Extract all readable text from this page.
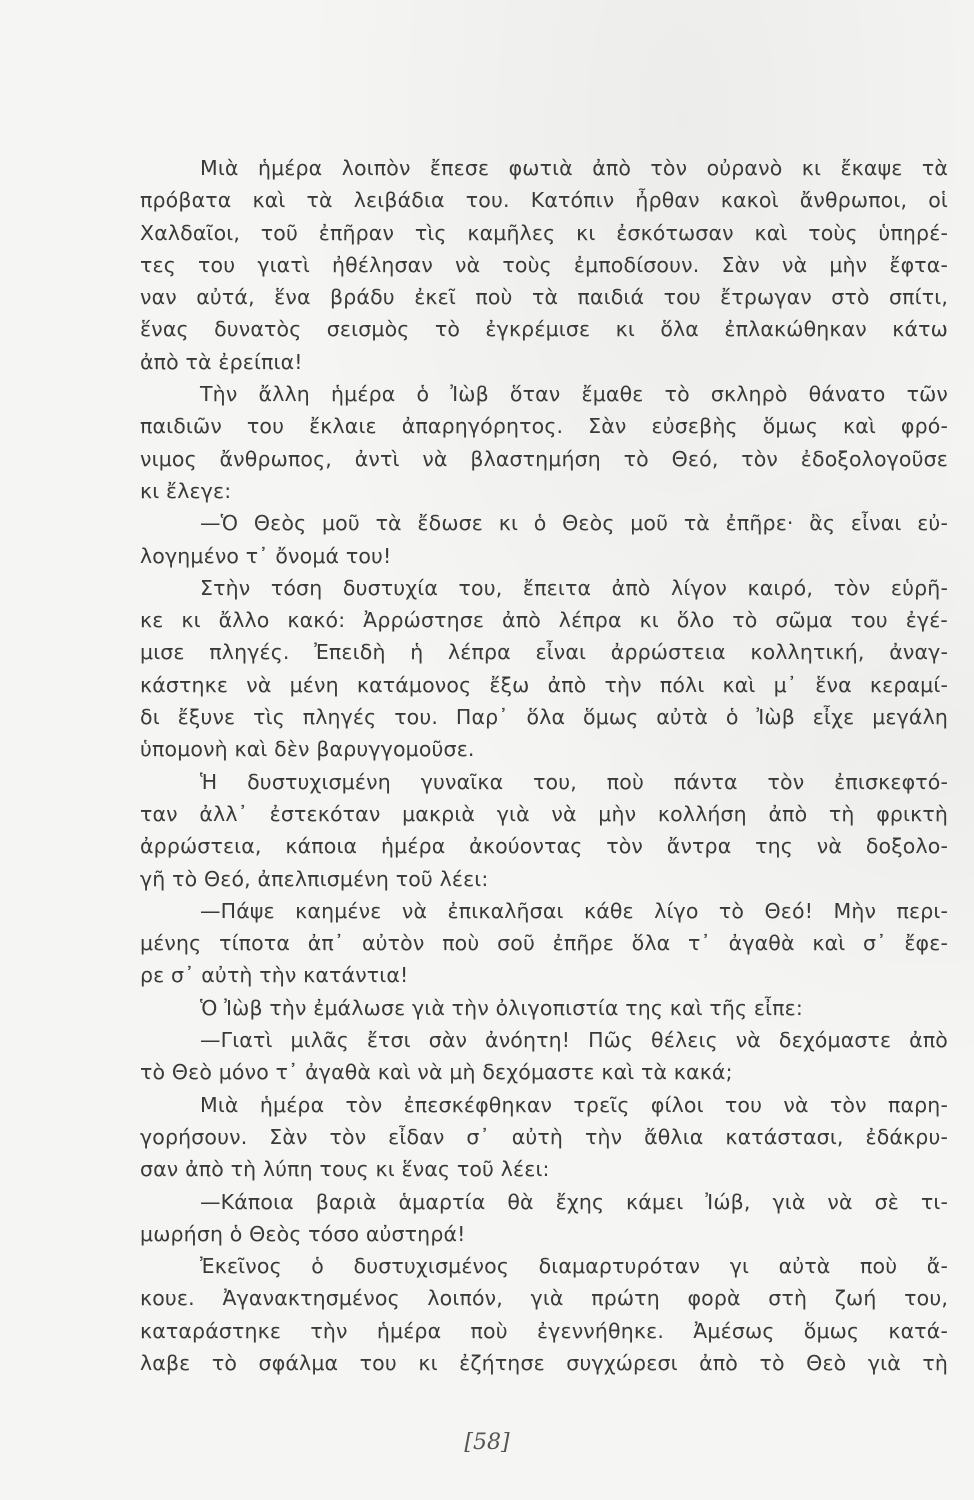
Μιὰ ἡμέρα λοιπὸν ἔπεσε φωτιὰ ἀπὸ τὸν οὐρανὸ κι ἔκαψε τὰ
πρόβατα καὶ τὰ λειβάδια του. Κατόπιν ἦρθαν κακοὶ ἄνθρωποι, οἱ
Χαλδαῖοι, τοῦ ἐπῆραν τὶς καμῆλες κι ἐσκότωσαν καὶ τοὺς ὑπηρέ-
τες του γιατὶ ἠθέλησαν νὰ τοὺς ἐμποδίσουν. Σὰν νὰ μὴν ἔφτα-
ναν αὐτά, ἕνα βράδυ ἐκεῖ ποὺ τὰ παιδιά του ἔτρωγαν στὸ σπίτι,
ἕνας δυνατὸς σεισμὸς τὸ ἐγκρέμισε κι ὅλα ἐπλακώθηκαν κάτω
ἀπὸ τὰ ἐρείπια!
Τὴν ἄλλη ἡμέρα ὁ Ἰὼβ ὅταν ἔμαθε τὸ σκληρὸ θάνατο τῶν
παιδιῶν του ἔκλαιε ἀπαρηγόρητος. Σὰν εὐσεβὴς ὅμως καὶ φρό-
νιμος ἄνθρωπος, ἀντὶ νὰ βλαστημήση τὸ Θεό, τὸν ἐδοξολογοῦσε
κι ἔλεγε:
—Ὁ Θεὸς μοῦ τὰ ἔδωσε κι ὁ Θεὸς μοῦ τὰ ἐπῆρε· ἂς εἶναι εὐ-
λογημένο τ᾽ ὄνομά του!
Στὴν τόση δυστυχία του, ἔπειτα ἀπὸ λίγον καιρό, τὸν εὑρῆ-
κε κι ἄλλο κακό: Ἀρρώστησε ἀπὸ λέπρα κι ὅλο τὸ σῶμα του ἐγέ-
μισε πληγές. Ἐπειδὴ ἡ λέπρα εἶναι ἀρρώστεια κολλητική, ἀναγ-
κάστηκε νὰ μένη κατάμονος ἔξω ἀπὸ τὴν πόλι καὶ μ᾽ ἕνα κεραμί-
δι ἔξυνε τὶς πληγές του. Παρ᾽ ὅλα ὅμως αὐτὰ ὁ Ἰὼβ εἶχε μεγάλη
ὑπομονὴ καὶ δὲν βαρυγγομοῦσε.
Ἡ δυστυχισμένη γυναῖκα του, ποὺ πάντα τὸν ἐπισκεφτό-
ταν ἀλλ᾽ ἐστεκόταν μακριὰ γιὰ νὰ μὴν κολλήση ἀπὸ τὴ φρικτὴ
ἀρρώστεια, κάποια ἡμέρα ἀκούοντας τὸν ἄντρα της νὰ δοξολο-
γῆ τὸ Θεό, ἀπελπισμένη τοῦ λέει:
—Πάψε καημένε νὰ ἐπικαλῆσαι κάθε λίγο τὸ Θεό! Μὴν περι-
μένης τίποτα ἀπ᾽ αὐτὸν ποὺ σοῦ ἐπῆρε ὅλα τ᾽ ἀγαθὰ καὶ σ᾽ ἔφε-
ρε σ᾽ αὐτὴ τὴν κατάντια!
Ὁ Ἰὼβ τὴν ἐμάλωσε γιὰ τὴν ὀλιγοπιστία της καὶ τῆς εἶπε:
—Γιατὶ μιλᾶς ἔτσι σὰν ἀνόητη! Πῶς θέλεις νὰ δεχόμαστε ἀπὸ
τὸ Θεὸ μόνο τ᾽ ἀγαθὰ καὶ νὰ μὴ δεχόμαστε καὶ τὰ κακά;
Μιὰ ἡμέρα τὸν ἐπεσκέφθηκαν τρεῖς φίλοι του νὰ τὸν παρη-
γορήσουν. Σὰν τὸν εἶδαν σ᾽ αὐτὴ τὴν ἄθλια κατάστασι, ἐδάκρυ-
σαν ἀπὸ τὴ λύπη τους κι ἕνας τοῦ λέει:
—Κάποια βαριὰ ἁμαρτία θὰ ἔχης κάμει Ἰώβ, γιὰ νὰ σὲ τι-
μωρήση ὁ Θεὸς τόσο αὐστηρά!
Ἐκεῖνος ὁ δυστυχισμένος διαμαρτυρόταν γι αὐτὰ ποὺ ἄ-
κουε. Ἀγανακτησμένος λοιπόν, γιὰ πρώτη φορὰ στὴ ζωή του,
καταράστηκε τὴν ἡμέρα ποὺ ἐγεννήθηκε. Ἀμέσως ὅμως κατά-
λαβε τὸ σφάλμα του κι ἐζήτησε συγχώρεσι ἀπὸ τὸ Θεὸ γιὰ τὴ
[58]
